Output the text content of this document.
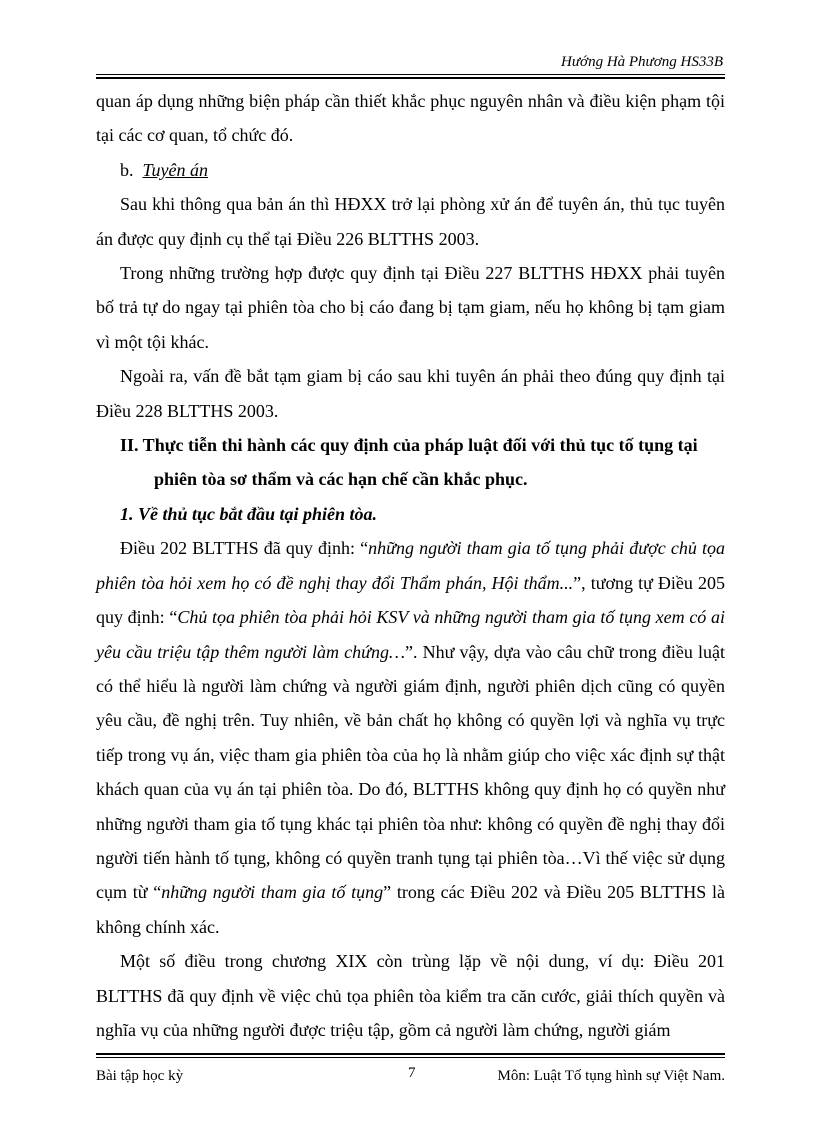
Hướng Hà Phương HS33B

quan áp dụng những biện pháp cần thiết khắc phục nguyên nhân và điều kiện phạm tội tại các cơ quan, tổ chức đó.

b. Tuyên án

Sau khi thông qua bản án thì HĐXX trở lại phòng xử án để tuyên án, thủ tục tuyên án được quy định cụ thể tại Điều 226 BLTTHS 2003.

Trong những trường hợp được quy định tại Điều 227 BLTTHS HĐXX phải tuyên bố trả tự do ngay tại phiên tòa cho bị cáo đang bị tạm giam, nếu họ không bị tạm giam vì một tội khác.

Ngoài ra, vấn đề bắt tạm giam bị cáo sau khi tuyên án phải theo đúng quy định tại Điều 228 BLTTHS 2003.

II. Thực tiễn thi hành các quy định của pháp luật đối với thủ tục tố tụng tại

phiên tòa sơ thẩm và các hạn chế cần khắc phục.

1. Về thủ tục bắt đầu tại phiên tòa.

Điều 202 BLTTHS đã quy định: “những người tham gia tố tụng phải được chủ tọa phiên tòa hỏi xem họ có đề nghị thay đổi Thẩm phán, Hội thẩm...”, tương tự Điều 205 quy định: “Chủ tọa phiên tòa phải hỏi KSV và những người tham gia tố tụng xem có ai yêu cầu triệu tập thêm người làm chứng…”. Như vậy, dựa vào câu chữ trong điều luật có thể hiểu là người làm chứng và người giám định, người phiên dịch cũng có quyền yêu cầu, đề nghị trên. Tuy nhiên, về bản chất họ không có quyền lợi và nghĩa vụ trực tiếp trong vụ án, việc tham gia phiên tòa của họ là nhằm giúp cho việc xác định sự thật khách quan của vụ án tại phiên tòa. Do đó, BLTTHS không quy định họ có quyền như những người tham gia tố tụng khác tại phiên tòa như: không có quyền đề nghị thay đổi người tiến hành tố tụng, không có quyền tranh tụng tại phiên tòa…Vì thế việc sử dụng cụm từ “những người tham gia tố tụng” trong các Điều 202 và Điều 205 BLTTHS là không chính xác.

Một số điều trong chương XIX còn trùng lặp về nội dung, ví dụ: Điều 201 BLTTHS đã quy định về việc chủ tọa phiên tòa kiểm tra căn cước, giải thích quyền và nghĩa vụ của những người được triệu tập, gồm cả người làm chứng, người giám

Bài tập học kỳ	7	Môn: Luật Tố tụng hình sự Việt Nam.
